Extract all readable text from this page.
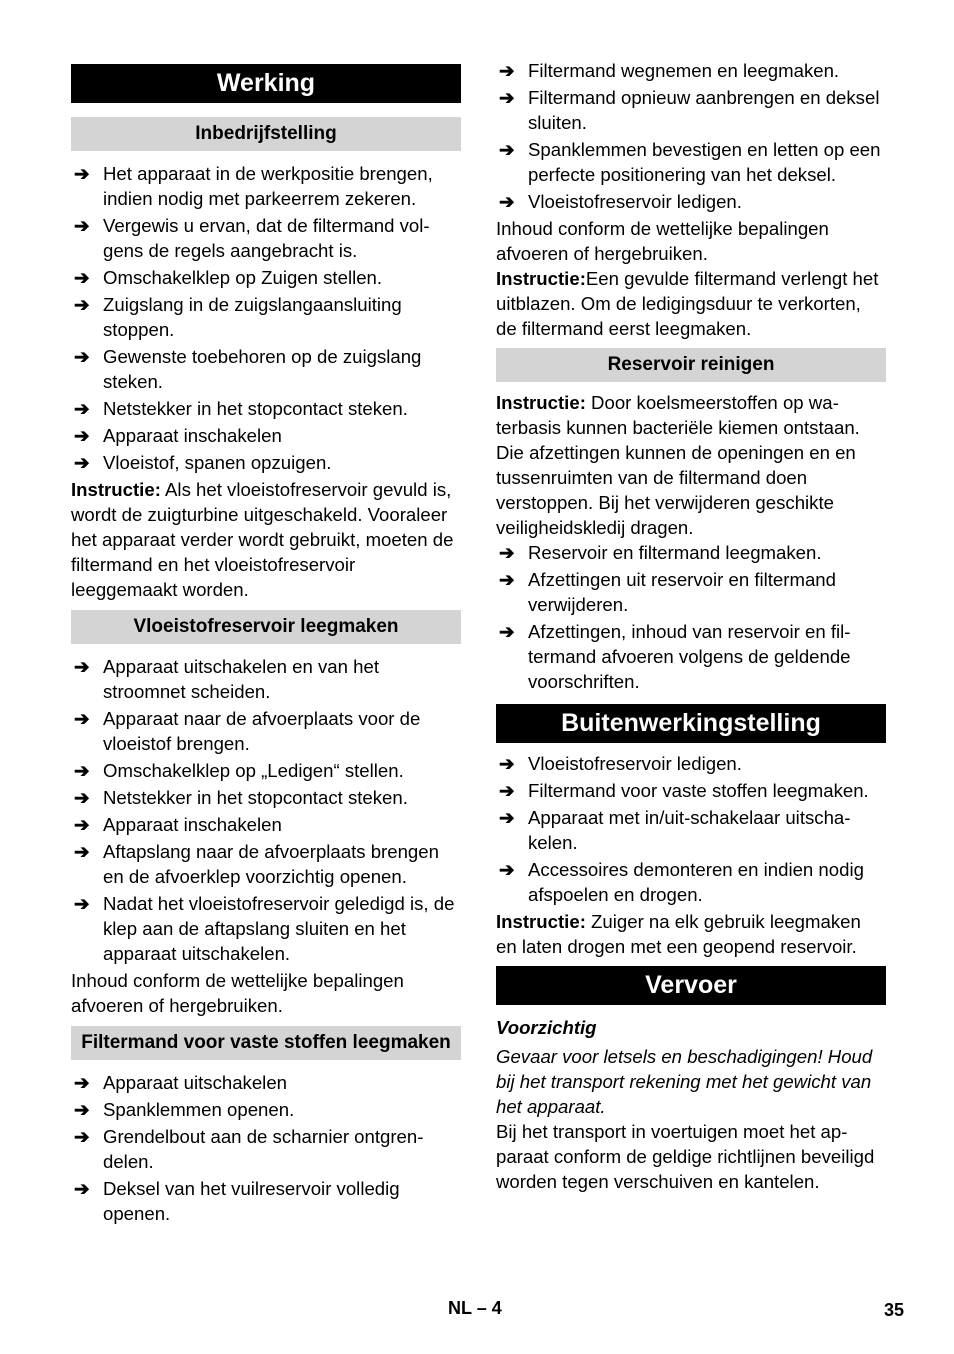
Werking
Inbedrijfstelling
➔ Het apparaat in de werkpositie brengen, indien nodig met parkeerrem zekeren.
➔ Vergewis u ervan, dat de filtermand volgens de regels aangebracht is.
➔ Omschakelklep op Zuigen stellen.
➔ Zuigslang in de zuigslangaansluiting stoppen.
➔ Gewenste toebehoren op de zuigslang steken.
➔ Netstekker in het stopcontact steken.
➔ Apparaat inschakelen
➔ Vloeistof, spanen opzuigen.

Instructie: Als het vloeistofreservoir gevuld is, wordt de zuigturbine uitgeschakeld. Vooraleer het apparaat verder wordt gebruikt, moeten de filtermand en het vloeistofreservoir leeggemaakt worden.

Vloeistofreservoir leegmaken
➔ Apparaat uitschakelen en van het stroomnet scheiden.
➔ Apparaat naar de afvoerplaats voor de vloeistof brengen.
➔ Omschakelklep op „Ledigen“ stellen.
➔ Netstekker in het stopcontact steken.
➔ Apparaat inschakelen
➔ Aftapslang naar de afvoerplaats brengen en de afvoerklep voorzichtig openen.
➔ Nadat het vloeistofreservoir geledigd is, de klep aan de aftapslang sluiten en het apparaat uitschakelen.

Inhoud conform de wettelijke bepalingen afvoeren of hergebruiken.

Filtermand voor vaste stoffen leegmaken
➔ Apparaat uitschakelen
➔ Spanklemmen openen.
➔ Grendelbout aan de scharnier ontgrendelen.
➔ Deksel van het vuilreservoir volledig openen.
➔ Filtermand wegnemen en leegmaken.
➔ Filtermand opnieuw aanbrengen en deksel sluiten.
➔ Spanklemmen bevestigen en letten op een perfecte positionering van het deksel.
➔ Vloeistofreservoir ledigen.

Inhoud conform de wettelijke bepalingen afvoeren of hergebruiken.

Instructie:Een gevulde filtermand verlengt het uitblazen. Om de ledigingsduur te verkorten, de filtermand eerst leegmaken.

Reservoir reinigen

Instructie: Door koelsmeerstoffen op waterbasis kunnen bacteriële kiemen ontstaan. Die afzettingen kunnen de openingen en en tussenruimten van de filtermand doen verstoppen. Bij het verwijderen geschikte veiligheidskledij dragen.

➔ Reservoir en filtermand leegmaken.
➔ Afzettingen uit reservoir en filtermand verwijderen.
➔ Afzettingen, inhoud van reservoir en filtermand afvoeren volgens de geldende voorschriften.
Buitenwerkingstelling
➔ Vloeistofreservoir ledigen.
➔ Filtermand voor vaste stoffen leegmaken.
➔ Apparaat met in/uit-schakelaar uitschakelen.
➔ Accessoires demonteren en indien nodig afspoelen en drogen.

Instructie: Zuiger na elk gebruik leegmaken en laten drogen met een geopend reservoir.

Vervoer

Voorzichtig

Gevaar voor letsels en beschadigingen! Houd bij het transport rekening met het gewicht van het apparaat.

Bij het transport in voertuigen moet het apparaat conform de geldige richtlijnen beveiligd worden tegen verschuiven en kantelen.

NL – 4	35
